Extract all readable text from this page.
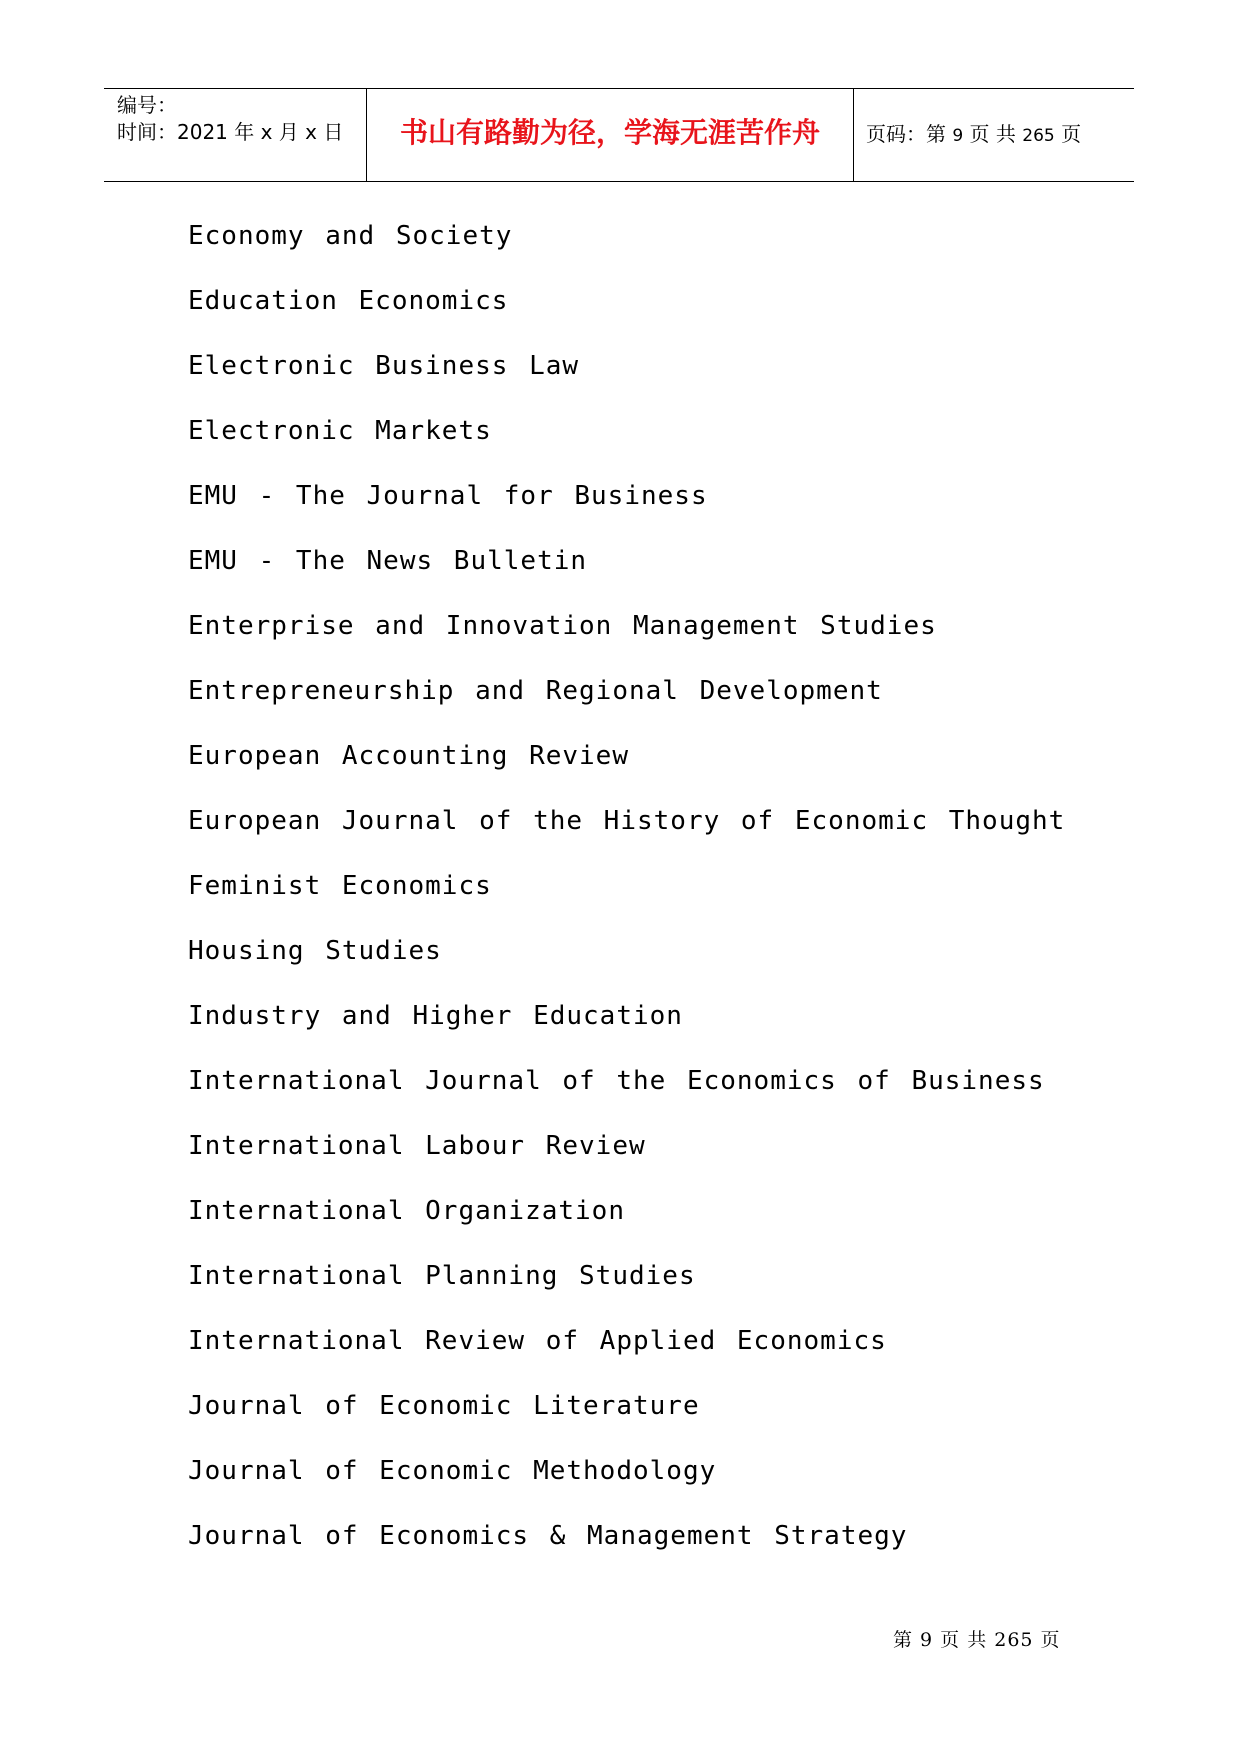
编号：
时间：2021 年 x 月 x 日	书山有路勤为径，学海无涯苦作舟	页码：第 9 页 共 265 页
Economy and Society
Education Economics
Electronic Business Law
Electronic Markets
EMU - The Journal for Business
EMU - The News Bulletin
Enterprise and Innovation Management Studies
Entrepreneurship and Regional Development
European Accounting Review
European Journal of the History of Economic Thought
Feminist Economics
Housing Studies
Industry and Higher Education
International Journal of the Economics of Business
International Labour Review
International Organization
International Planning Studies
International Review of Applied Economics
Journal of Economic Literature
Journal of Economic Methodology
Journal of Economics & Management Strategy
第 9 页 共 265 页
